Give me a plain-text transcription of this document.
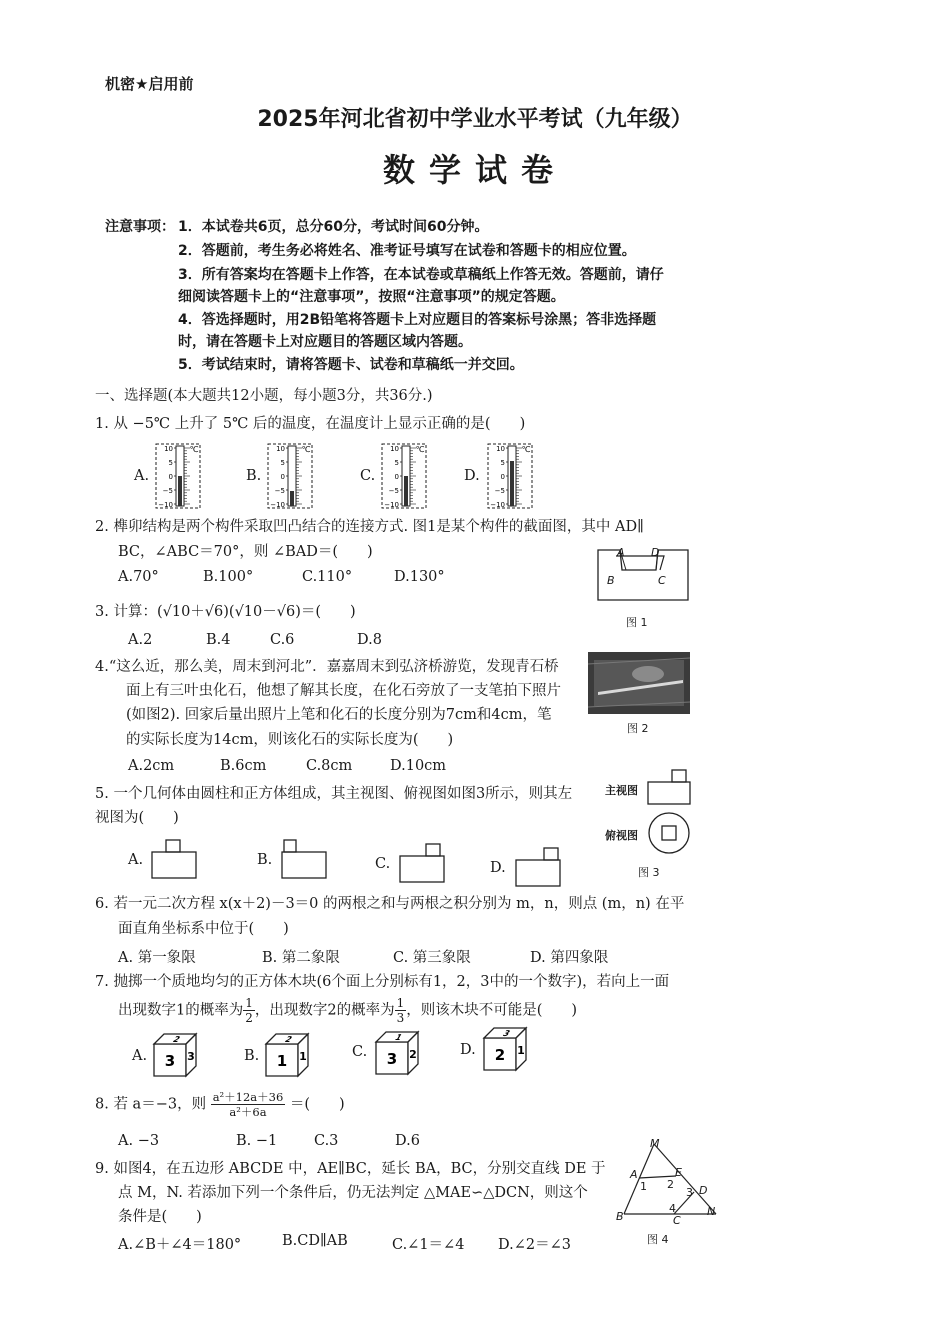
机密★启用前
2025年河北省初中学业水平考试（九年级）
数学试卷
注意事项： 1．本试卷共6页，总分60分，考试时间60分钟。
2．答题前，考生务必将姓名、准考证号填写在试卷和答题卡的相应位置。
3．所有答案均在答题卡上作答，在本试卷或草稿纸上作答无效。答题前，请仔
细阅读答题卡上的“注意事项”，按照“注意事项”的规定答题。
4．答选择题时，用2B铅笔将答题卡上对应题目的答案标号涂黑；答非选择题
时，请在答题卡上对应题目的答题区域内答题。
5．考试结束时，请将答题卡、试卷和草稿纸一并交回。
一、选择题(本大题共12小题，每小题3分，共36分.)
1. 从 −5℃ 上升了 5℃ 后的温度，在温度计上显示正确的是(　　)
A.	B.	C.	D.
10
5
0
−5
−10
℃	10
5
0
−5
−10
℃	10
5
0
−5
−10
℃	10
5
0
−5
−10
℃
2. 榫卯结构是两个构件采取凹凸结合的连接方式. 图1是某个构件的截面图，其中 AD∥
BC，∠ABC＝70°，则 ∠BAD＝(　　)
A.70°	B.100°	C.110°	D.130°
A D
B	C
图 1
3. 计算：(√10＋√6)(√10－√6)＝(　　)
A.2	B.4	C.6	D.8
4.“这么近，那么美，周末到河北”．嘉嘉周末到弘济桥游览，发现青石桥
面上有三叶虫化石，他想了解其长度，在化石旁放了一支笔拍下照片
(如图2). 回家后量出照片上笔和化石的长度分别为7cm和4cm，笔
的实际长度为14cm，则该化石的实际长度为(　　)
A.2cm	B.6cm	C.8cm	D.10cm
图 2
5. 一个几何体由圆柱和正方体组成，其主视图、俯视图如图3所示，则其左
视图为(　　)
主视图
俯视图
图 3
A.	B.	C.	D.
6. 若一元二次方程 x(x＋2)－3＝0 的两根之和与两根之积分别为 m，n，则点 (m，n) 在平
面直角坐标系中位于(　　)
A. 第一象限	B. 第二象限	C. 第三象限	D. 第四象限
7. 抛掷一个质地均匀的正方体木块(6个面上分别标有1，2，3中的一个数字)，若向上一面
出现数字1的概率为 $\frac{1}{2}$ ，出现数字2的概率为 $\frac{1}{3}$ ，则该木块不可能是(　　)
A.	B.	C.	D.
3
2
3	1
2
1	3
1
2	2
3
1
8. 若 a＝−3，则 $\frac{\text{a²＋12a＋36}}{\text{a²＋6a}}$ ＝(　　)
A. −3	B. −1	C.3	D.6
9. 如图4，在五边形 ABCDE 中，AE∥BC，延长 BA，BC，分别交直线 DE 于
点 M，N. 若添加下列一个条件后，仍无法判定 △MAE∽△DCN，则这个
条件是(　　)
A.∠B＋∠4＝180°	B.CD∥AB	C.∠1＝∠4 D.∠2＝∠3
M
A	E
D
B	C
N
1 2
3
4
图 4
